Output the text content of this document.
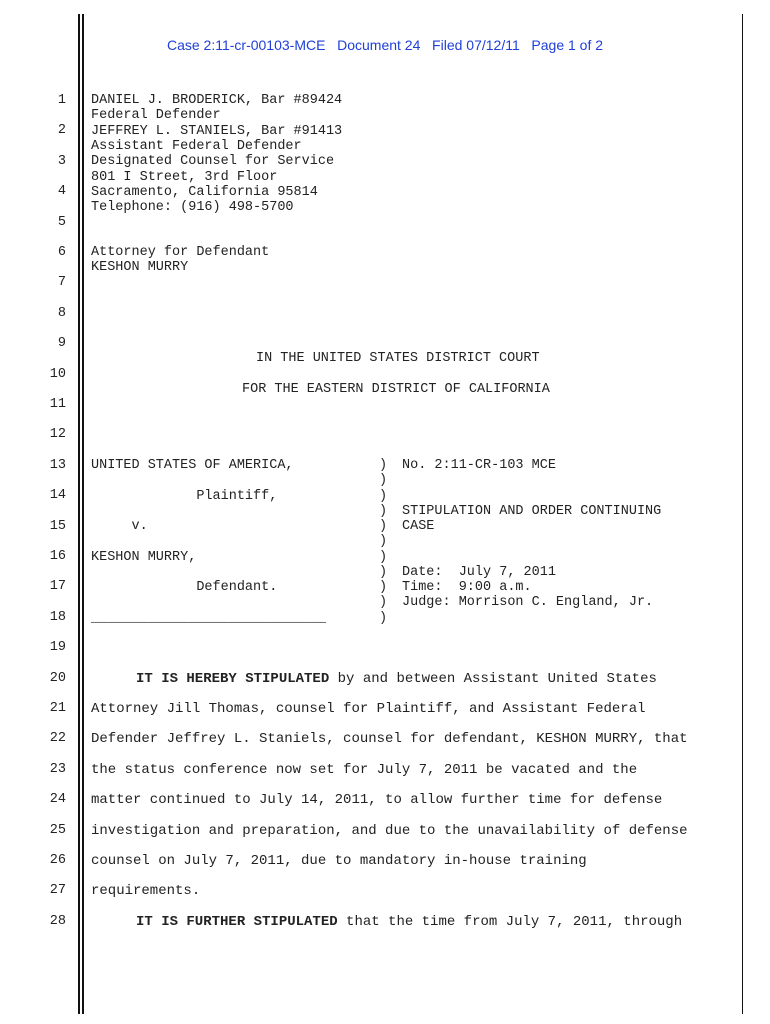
Case 2:11-cr-00103-MCE   Document 24   Filed 07/12/11   Page 1 of 2
1
2
3
4
5
6
7
8
9
10
11
12
13
14
15
16
17
18
19
20
21
22
23
24
25
26
27
28
DANIEL J. BRODERICK, Bar #89424
Federal Defender
JEFFREY L. STANIELS, Bar #91413
Assistant Federal Defender
Designated Counsel for Service
801 I Street, 3rd Floor
Sacramento, California 95814
Telephone: (916) 498-5700
Attorney for Defendant
KESHON MURRY
IN THE UNITED STATES DISTRICT COURT
FOR THE EASTERN DISTRICT OF CALIFORNIA
UNITED STATES OF AMERICA,
Plaintiff,
v.
KESHON MURRY,
Defendant.
_____________________________
)
)
)
)
)
)
)
)
)
)
)
No. 2:11-CR-103 MCE
STIPULATION AND ORDER CONTINUING
CASE
Date:  July 7, 2011
Time:  9:00 a.m.
Judge: Morrison C. England, Jr.
IT IS HEREBY STIPULATED by and between Assistant United States
Attorney Jill Thomas, counsel for Plaintiff, and Assistant Federal
Defender Jeffrey L. Staniels, counsel for defendant, KESHON MURRY, that
the status conference now set for July 7, 2011 be vacated and the
matter continued to July 14, 2011, to allow further time for defense
investigation and preparation, and due to the unavailability of defense
counsel on July 7, 2011, due to mandatory in-house training
requirements.
IT IS FURTHER STIPULATED that the time from July 7, 2011, through
